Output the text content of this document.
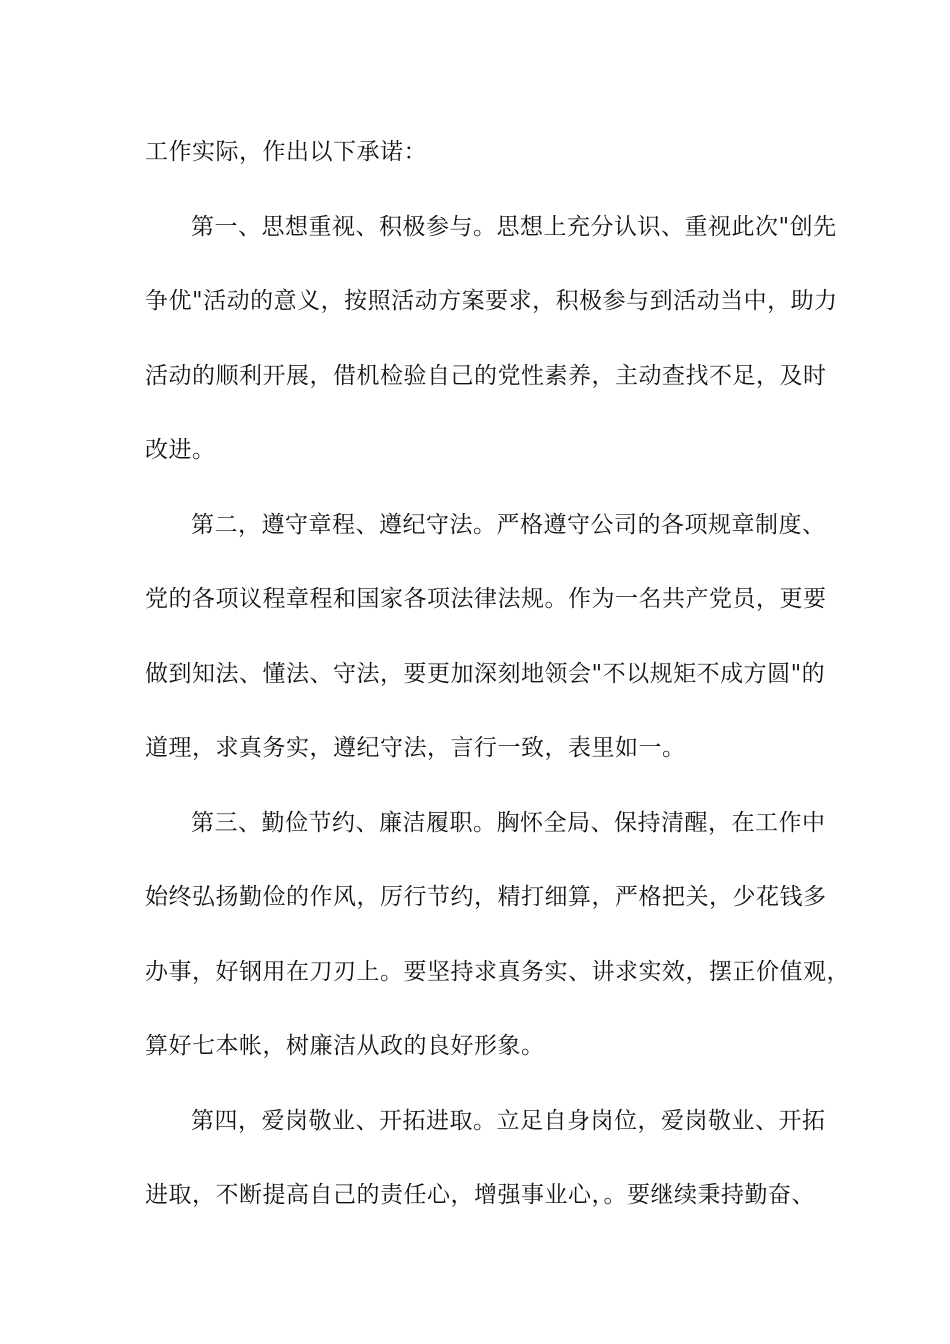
工作实际，作出以下承诺：
第一、思想重视、积极参与。思想上充分认识、重视此次"创先
争优"活动的意义，按照活动方案要求，积极参与到活动当中，助力
活动的顺利开展，借机检验自己的党性素养，主动查找不足，及时
改进。
第二，遵守章程、遵纪守法。严格遵守公司的各项规章制度、
党的各项议程章程和国家各项法律法规。作为一名共产党员，更要
做到知法、懂法、守法，要更加深刻地领会"不以规矩不成方圆"的
道理，求真务实，遵纪守法，言行一致，表里如一。
第三、勤俭节约、廉洁履职。胸怀全局、保持清醒，在工作中
始终弘扬勤俭的作风，厉行节约，精打细算，严格把关，少花钱多
办事，好钢用在刀刃上。要坚持求真务实、讲求实效，摆正价值观，
算好七本帐，树廉洁从政的良好形象。
第四，爱岗敬业、开拓进取。立足自身岗位，爱岗敬业、开拓
进取，不断提高自己的责任心，增强事业心，。要继续秉持勤奋、
